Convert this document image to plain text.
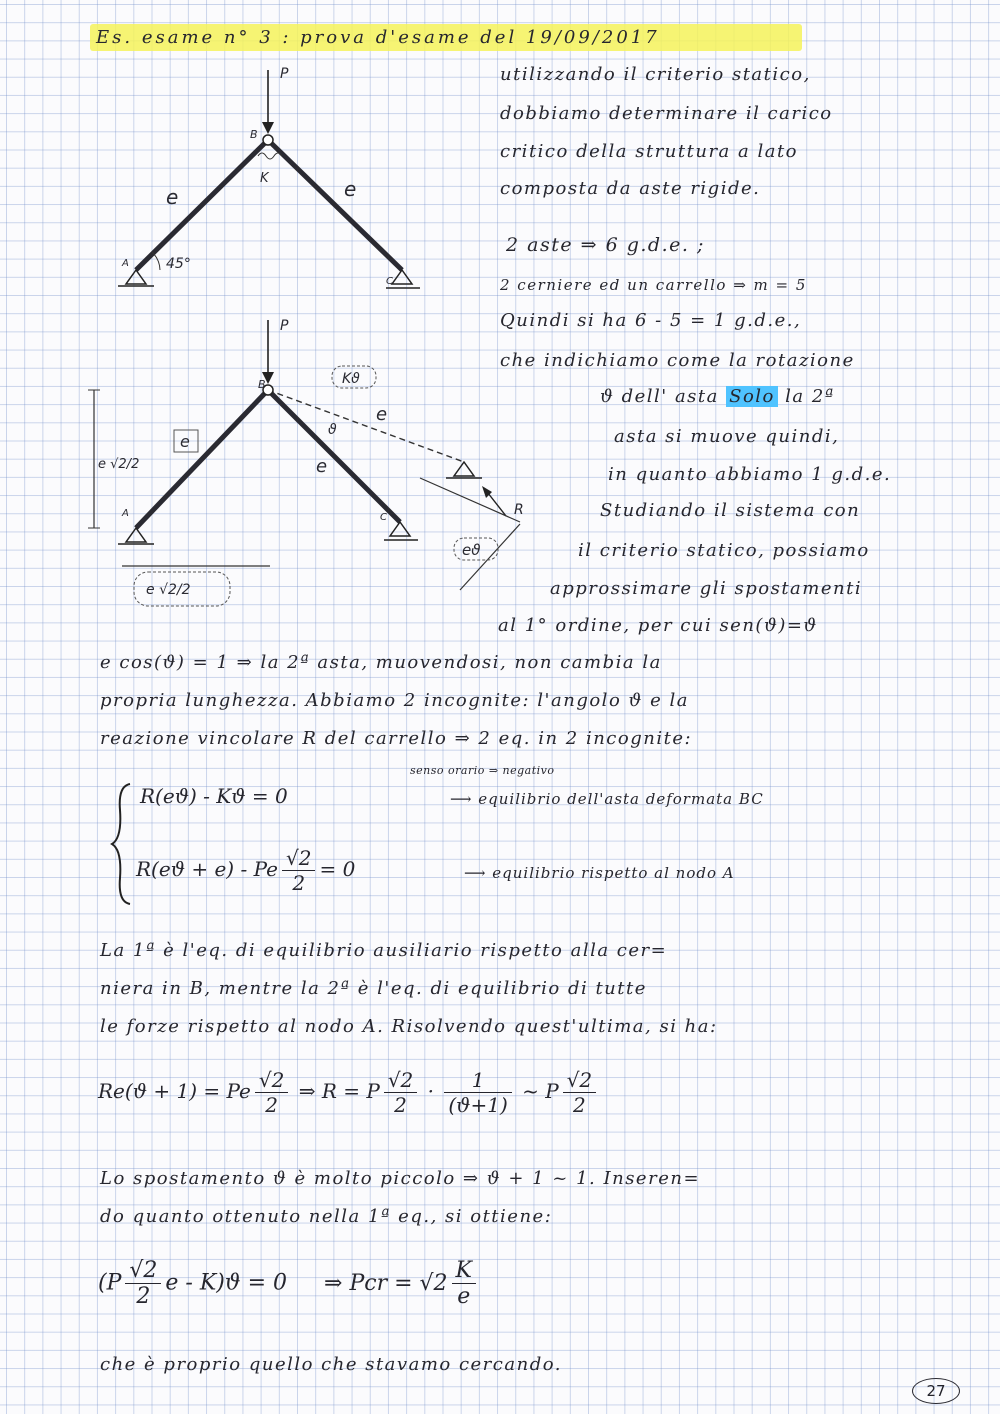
Es. esame n° 3 : prova d'esame del 19/09/2017
P
B
K
e	e
45°
A
C
P
B	Kϑ
ϑ
e
e
e
e √2/2
A	C	R
eϑ
e √2/2
utilizzando il criterio statico,
dobbiamo determinare il carico
critico della struttura a lato
composta da aste rigide.
2 aste ⇒ 6 g.d.e. ;
2 cerniere ed un carrello ⇒ m = 5
Quindi si ha 6 - 5 = 1 g.d.e.,
che indichiamo come la rotazione
ϑ dell' asta Solo la 2ª
asta si muove quindi,
in quanto abbiamo 1 g.d.e.
Studiando il sistema con
il criterio statico, possiamo
approssimare gli spostamenti
al 1° ordine, per cui sen(ϑ)=ϑ
e cos(ϑ) = 1 ⇒ la 2ª asta, muovendosi, non cambia la
propria lunghezza. Abbiamo 2 incognite: l'angolo ϑ e la
reazione vincolare R del carrello ⇒ 2 eq. in 2 incognite:
senso orario ⇒ negativo
R(eϑ) - Kϑ = 0	⟶ equilibrio dell'asta deformata BC
R(eϑ + e) - Pe $\frac{√2}{2} = 0$	⟶ equilibrio rispetto al nodo A
La 1ª è l'eq. di equilibrio ausiliario rispetto alla cer=
niera in B, mentre la 2ª è l'eq. di equilibrio di tutte
le forze rispetto al nodo A. Risolvendo quest'ultima, si ha:
Re(ϑ + 1) = Pe $\frac{√2}{2}$ ⇒ R = P $\frac{√2}{2} \cdot \frac{1}{(ϑ+1)}$ ~ P $\frac{√2}{2}$
Lo spostamento ϑ è molto piccolo ⇒ ϑ + 1 ~ 1. Inseren=
do quanto ottenuto nella 1ª eq., si ottiene:
($P \frac{√2}{2}$ e - K)ϑ = 0 ⇒ Pcr = $√2 \frac{K}{e}$
che è proprio quello che stavamo cercando.
27
